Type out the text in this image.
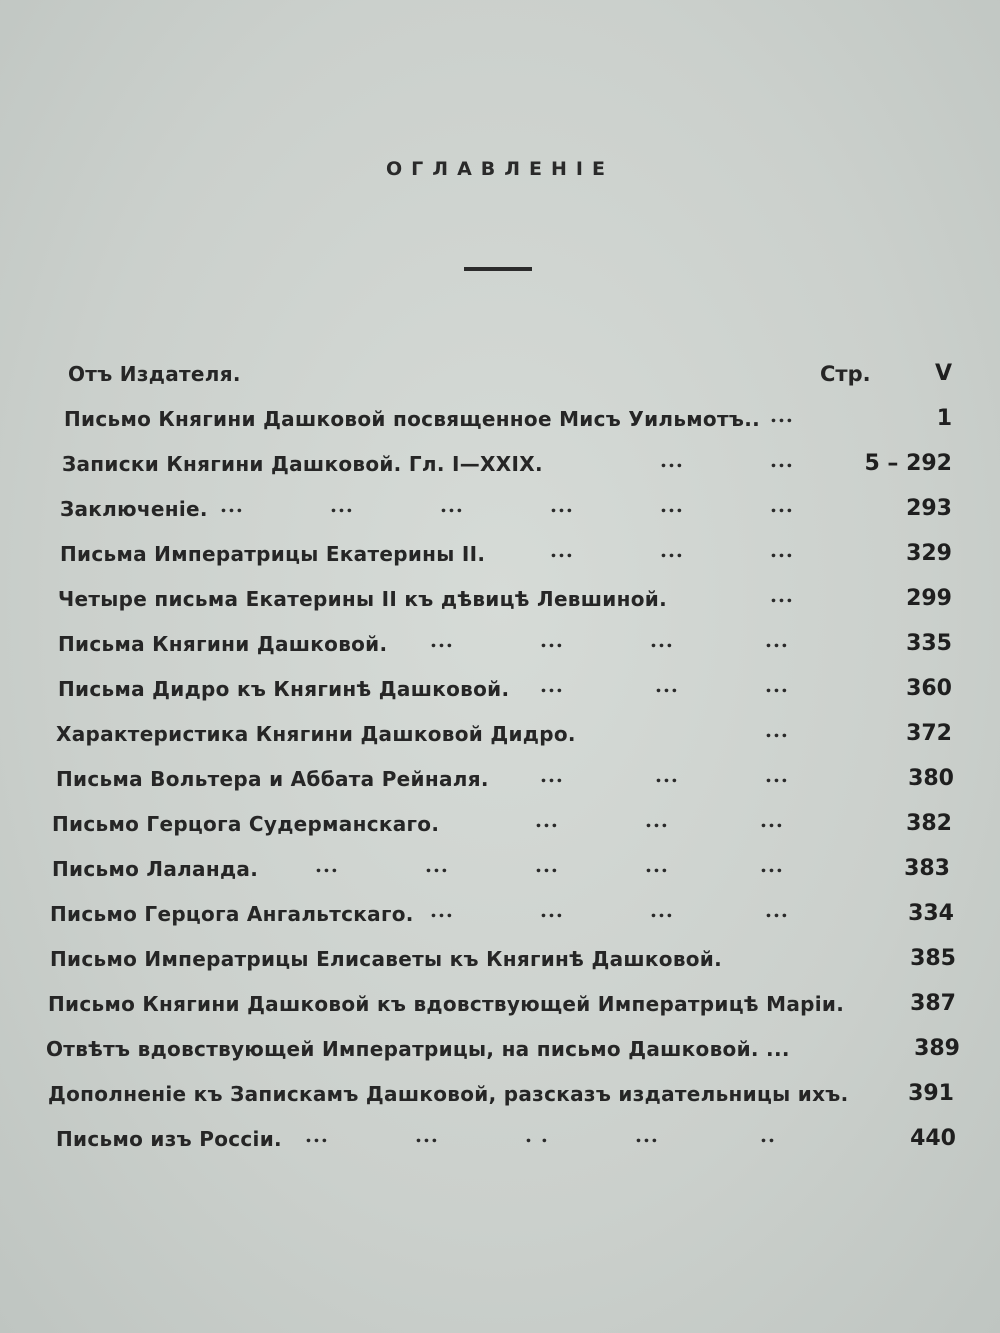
ОГЛАВЛЕНІЕ
Отъ Издателя.	Стр.	V
Письмо Княгини Дашковой посвященное Мисъ Уильмотъ.. ...	1
Записки Княгини Дашковой. Гл. I—XXIX.	...	...	5 – 292
Заключеніе. ...	...	...	...	...	...	293
Письма Императрицы Екатерины II.	...	...	...	329
Четыре письма Екатерины II къ дѣвицѣ Левшиной.	...	299
Письма Княгини Дашковой. ...	...	...	...	335
Письма Дидро къ Княгинѣ Дашковой. ...	...	...	360
Характеристика Княгини Дашковой Дидро.	...	372
Письма Вольтера и Аббата Рейналя.	...	...	...	380
Письмо Герцога Судерманскаго.	...	...	...	382
Письмо Лаланда.	...	...	...	...	...	383
Письмо Герцога Ангальтскаго. ...	...	...	...	334
Письмо Императрицы Елисаветы къ Княгинѣ Дашковой.	385
Письмо Княгини Дашковой къ вдовствующей Императрицѣ Маріи.	387
Отвѣтъ вдовствующей Императрицы, на письмо Дашковой. ...	389
Дополненіе къ Запискамъ Дашковой, разсказъ издательницы ихъ.	391
Письмо изъ Россіи. ...	...	. .	...	..	440
